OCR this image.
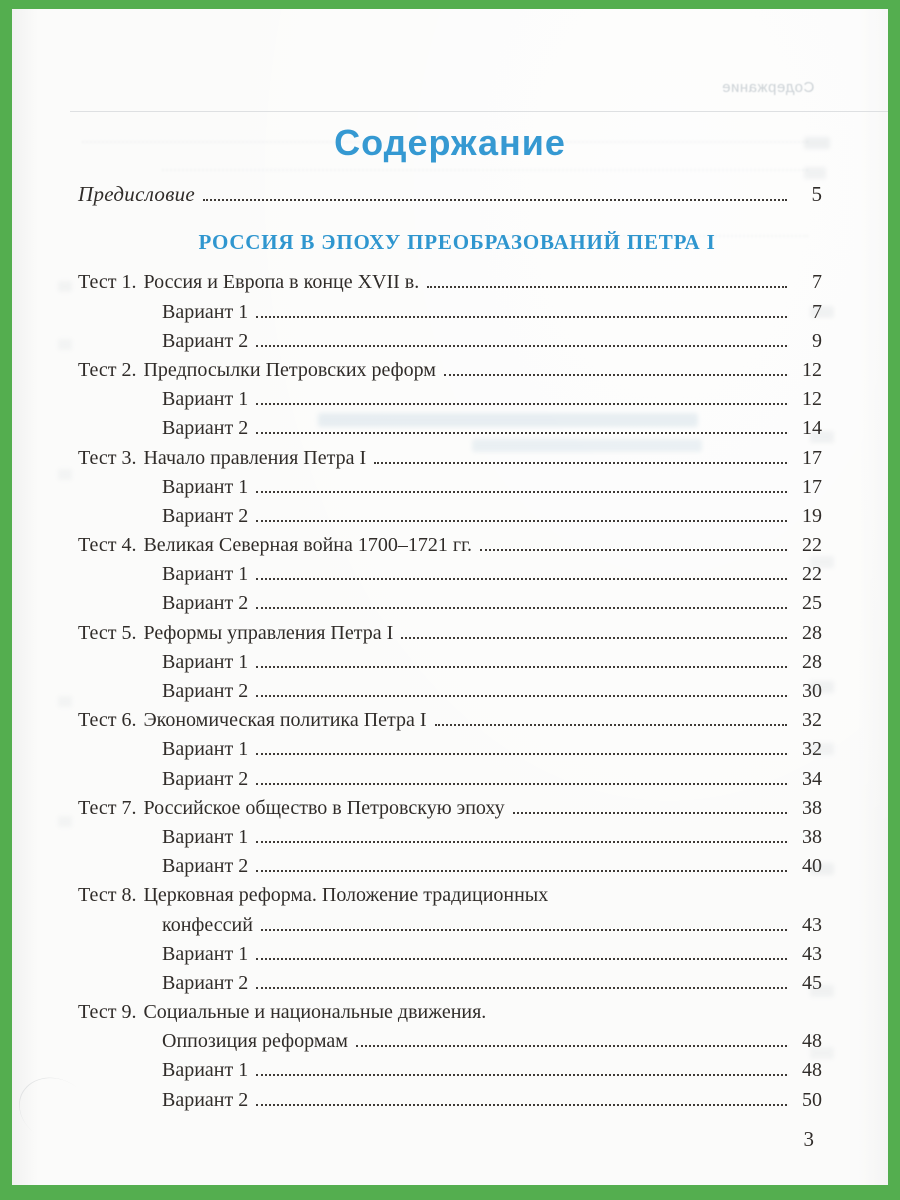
Содержание
Содержание
Предисловие	5
РОССИЯ В ЭПОХУ ПРЕОБРАЗОВАНИЙ ПЕТРА I
Тест 1. Россия и Европа в конце XVII в.	7
Вариант 1	7
Вариант 2	9
Тест 2. Предпосылки Петровских реформ	12
Вариант 1	12
Вариант 2	14
Тест 3. Начало правления Петра I	17
Вариант 1	17
Вариант 2	19
Тест 4. Великая Северная война 1700–1721 гг.	22
Вариант 1	22
Вариант 2	25
Тест 5. Реформы управления Петра I	28
Вариант 1	28
Вариант 2	30
Тест 6. Экономическая политика Петра I	32
Вариант 1	32
Вариант 2	34
Тест 7. Российское общество в Петровскую эпоху	38
Вариант 1	38
Вариант 2	40
Тест 8. Церковная реформа. Положение традиционных
конфессий	43
Вариант 1	43
Вариант 2	45
Тест 9. Социальные и национальные движения.
Оппозиция реформам	48
Вариант 1	48
Вариант 2	50
3
